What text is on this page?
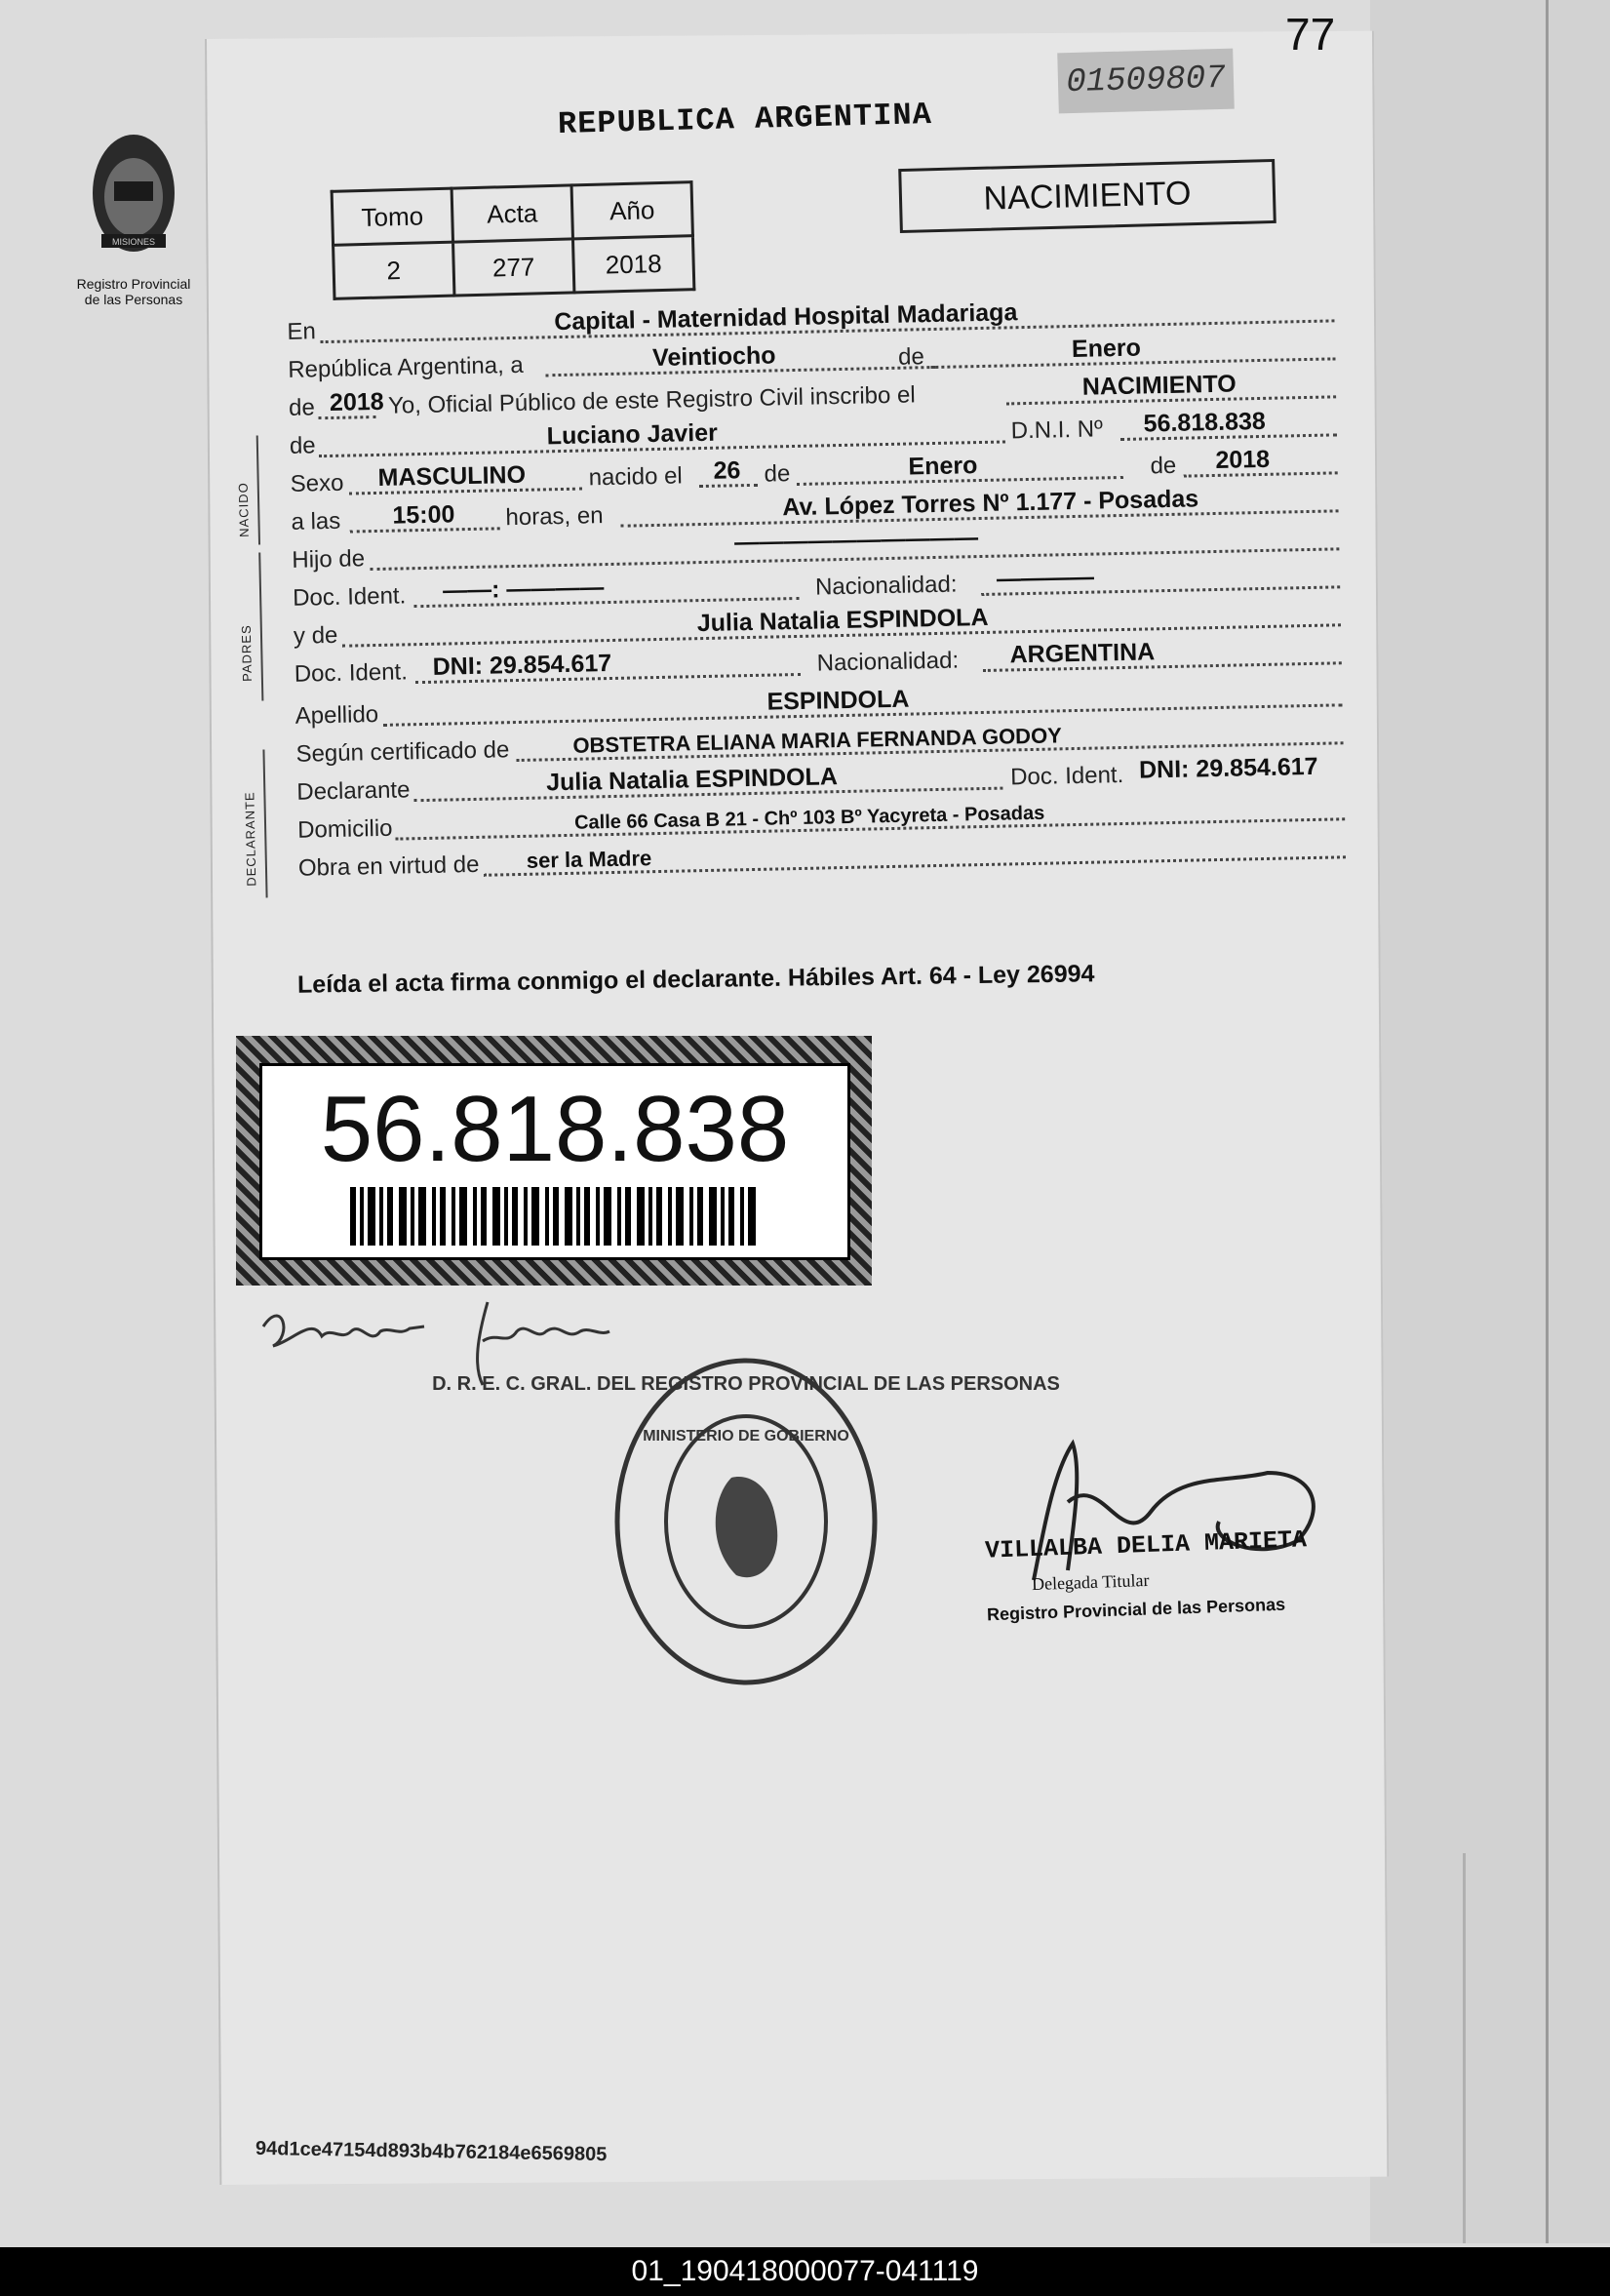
77
01509807
REPUBLICA ARGENTINA
MISIONES
Registro Provincial
de las Personas
Tomo	Acta	Año
2	277	2018
NACIMIENTO
En	Capital - Maternidad Hospital Madariaga
República Argentina, a	Veintiocho	de	Enero
de 2018 Yo, Oficial Público de este Registro Civil inscribo el	NACIMIENTO
NACIDO
de	Luciano Javier	D.N.I. Nº 56.818.838
Sexo MASCULINO	nacido el 26 de	Enero	de 2018
a las 15:00 horas, en	Av. López Torres Nº 1.177 - Posadas
PADRES
Hijo de
——————————
Doc. Ident. ——: ————	Nacionalidad: ————
y de	Julia Natalia ESPINDOLA
Doc. Ident. DNI: 29.854.617	Nacionalidad: ARGENTINA
Apellido	ESPINDOLA
DECLARANTE
Según certificado de	OBSTETRA ELIANA MARIA FERNANDA GODOY
Declarante	Julia Natalia ESPINDOLA	Doc. Ident. DNI: 29.854.617
Domicilio	Calle 66 Casa B 21 - Chº 103 Bº Yacyreta - Posadas
Obra en virtud de ser la Madre
Leída el acta firma conmigo el declarante. Hábiles Art. 64 - Ley 26994
56.818.838
D. R. E. C. GRAL. DEL REGISTRO PROVINCIAL DE LAS PERSONAS
MINISTERIO DE GOBIERNO
VILLALBA DELIA MARIETA
Delegada Titular
Registro Provincial de las Personas
94d1ce47154d893b4b762184e6569805
01_190418000077-041119
